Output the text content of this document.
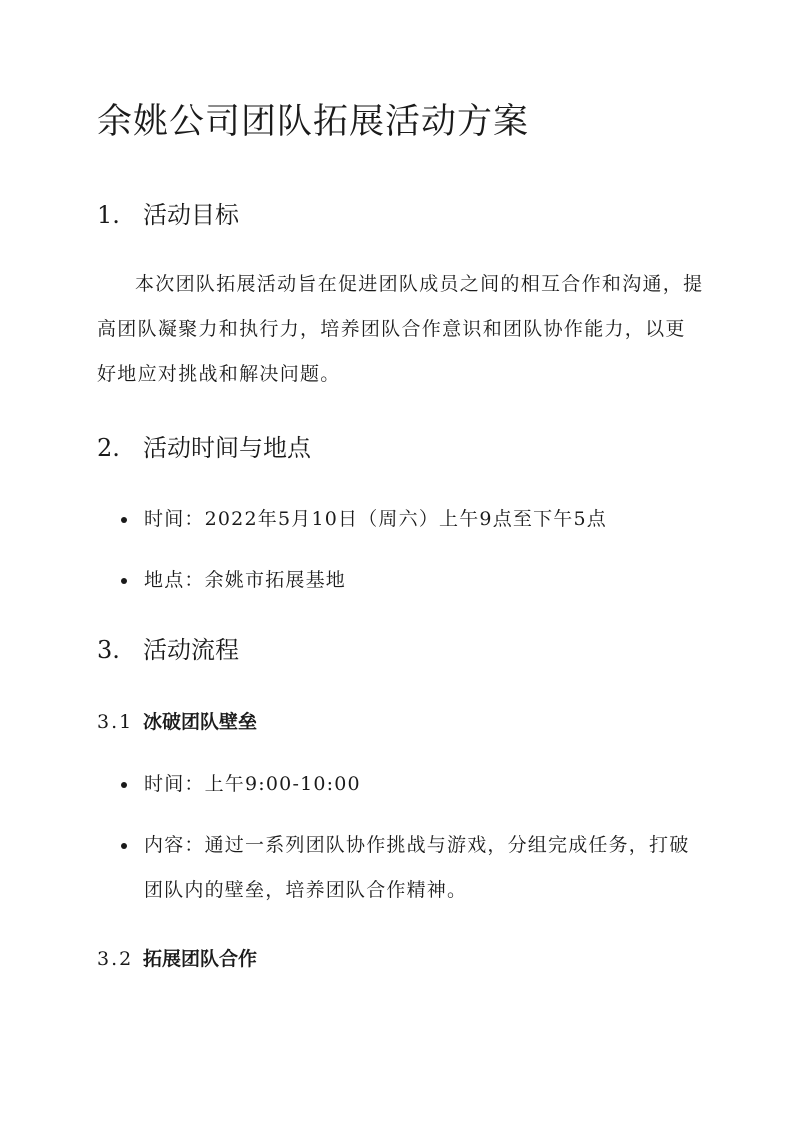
余姚公司团队拓展活动方案
1. 活动目标

本次团队拓展活动旨在促进团队成员之间的相互合作和沟通，提高团队凝聚力和执行力，培养团队合作意识和团队协作能力，以更好地应对挑战和解决问题。

2. 活动时间与地点
时间：2022年5月10日（周六）上午9点至下午5点
地点：余姚市拓展基地
3. 活动流程
3.1 冰破团队壁垒
时间：上午9:00-10:00
内容：通过一系列团队协作挑战与游戏，分组完成任务，打破团队内的壁垒，培养团队合作精神。
3.2 拓展团队合作
